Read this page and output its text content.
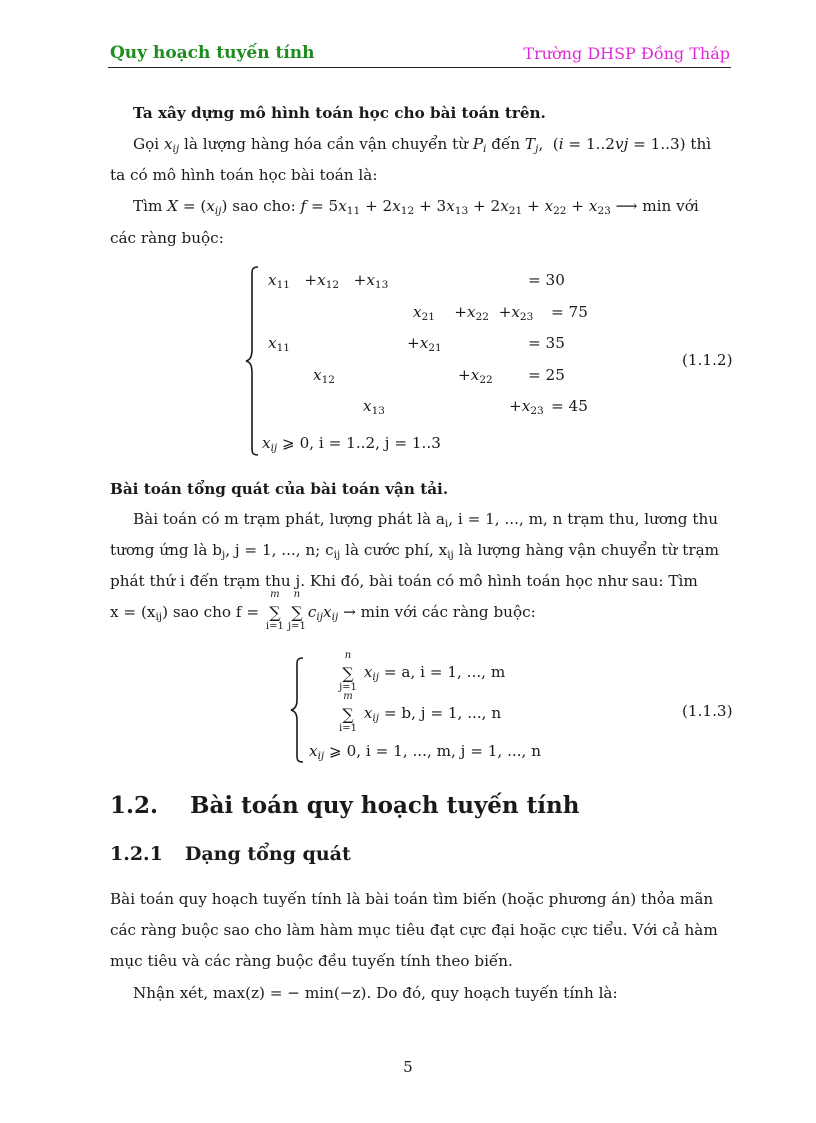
Quy hoạch tuyến tính	Trường DHSP Đồng Tháp
Ta xây dựng mô hình toán học cho bài toán trên.
Gọi $x_{ij}$ là lượng hàng hóa cần vận chuyển từ $P_i$ đến $T_j$,  (i = 1..2vj = 1..3) thì
ta có mô hình toán học bài toán là:
Tìm $X = (x_{ij})$ sao cho: $f = 5x_{11} + 2x_{12} + 3x_{13} + 2x_{21} + x_{22} + x_{23}$ ⟶ min với
các ràng buộc:
$x_{11} +x_{12} +x_{13}$	= 30
$x_{21}$    $+x_{22} +x_{23} = 75$
$x_{11}$	$+x_{21}$	= 35
$x_{12}$	$+x_{22} = 25$
$x_{13}$	$+x_{23} = 45$
$x_{ij}$ ⩾ 0, i = 1..2, j = 1..3
(1.1.2)
Bài toán tổng quát của bài toán vận tải.
Bài toán có m trạm phát, lượng phát là $a_i$, i = 1, ..., m, n trạm thu, lương thu
tương ứng là $b_j$, j = 1, ..., n; $c_{ij}$ là cước phí, $x_{ij}$ là lượng hàng vận chuyển từ trạm
phát thứ i đến trạm thu j. Khi đó, bài toán có mô hình toán học như sau: Tìm
$x = (x_{ij})$ sao cho f =
m
∑
i=1
n
∑
j=1
$c_{ij}x_{ij} \to \min$ với các ràng buộc:
n
∑
j=1
$x_{ij} = a$, i = 1, ..., m
m
∑
i=1
$x_{ij} = b$, j = 1, ..., n
$x_{ij}$ ⩾ 0, i = 1, ..., m, j = 1, ..., n
(1.1.3)
1.2. Bài toán quy hoạch tuyến tính
1.2.1 Dạng tổng quát
Bài toán quy hoạch tuyến tính là bài toán tìm biến (hoặc phương án) thỏa mãn
các ràng buộc sao cho làm hàm mục tiêu đạt cực đại hoặc cực tiểu. Với cả hàm
mục tiêu và các ràng buộc đều tuyến tính theo biến.
Nhận xét, max(z) = − min(−z). Do đó, quy hoạch tuyến tính là:
5
